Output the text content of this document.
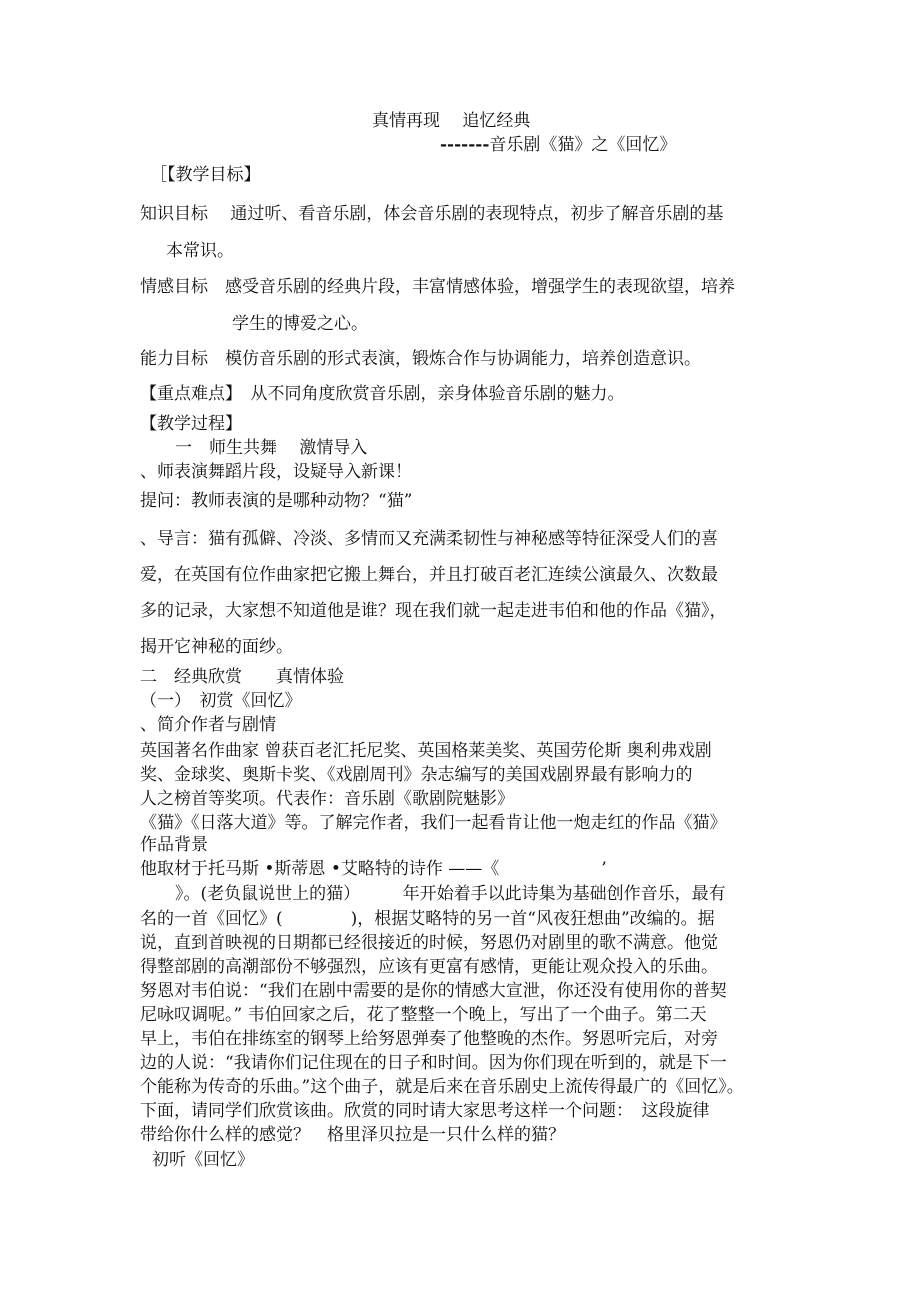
真情再现　 追忆经典
-------音乐剧《猫》之《回忆》
［【教学目标】
知识目标　 通过听、看音乐剧，体会音乐剧的表现特点，初步了解音乐剧的基
本常识。
情感目标　感受音乐剧的经典片段，丰富情感体验，增强学生的表现欲望，培养
学生的博爱之心。
能力目标　模仿音乐剧的形式表演，锻炼合作与协调能力，培养创造意识。
【重点难点】　从不同角度欣赏音乐剧，亲身体验音乐剧的魅力。
【教学过程】
一　师生共舞　 激情导入
、师表演舞蹈片段，设疑导入新课！
提问：教师表演的是哪种动物？“猫”
、导言：猫有孤僻、冷淡、多情而又充满柔韧性与神秘感等特征深受人们的喜
爱，在英国有位作曲家把它搬上舞台，并且打破百老汇连续公演最久、次数最
多的记录，大家想不知道他是谁？现在我们就一起走进韦伯和他的作品《猫》，
揭开它神秘的面纱。
二　经典欣赏　　真情体验
（一）　初赏《回忆》
、简介作者与剧情
英国著名作曲家 曾获百老汇托尼奖、英国格莱美奖、英国劳伦斯 奥利弗戏剧
奖、金球奖、奥斯卡奖、《戏剧周刊》杂志编写的美国戏剧界最有影响力的
人之榜首等奖项。代表作：音乐剧《歌剧院魅影》
《猫》《日落大道》等。了解完作者，我们一起看肯让他一炮走红的作品《猫》
作品背景
他取材于托马斯 •斯蒂恩 •艾略特的诗作 ——《　　　　　　’
》。(老负鼠说世上的猫）　　　年开始着手以此诗集为基础创作音乐，最有
名的一首《回忆》(　　　　)，根据艾略特的另一首“风夜狂想曲”改编的。据
说，直到首映视的日期都已经很接近的时候，努恩仍对剧里的歌不满意。他觉
得整部剧的高潮部份不够强烈，应该有更富有感情，更能让观众投入的乐曲。
努恩对韦伯说：“我们在剧中需要的是你的情感大宣泄，你还没有使用你的普契
尼咏叹调呢。” 韦伯回家之后，花了整整一个晚上，写出了一个曲子。第二天
早上，韦伯在排练室的钢琴上给努恩弹奏了他整晚的杰作。努恩听完后，对旁
边的人说：“我请你们记住现在的日子和时间。因为你们现在听到的，就是下一
个能称为传奇的乐曲。”这个曲子，就是后来在音乐剧史上流传得最广的《回忆》。
下面，请同学们欣赏该曲。欣赏的同时请大家思考这样一个问题：　这段旋律
带给你什么样的感觉？　格里泽贝拉是一只什么样的猫？
初听《回忆》
